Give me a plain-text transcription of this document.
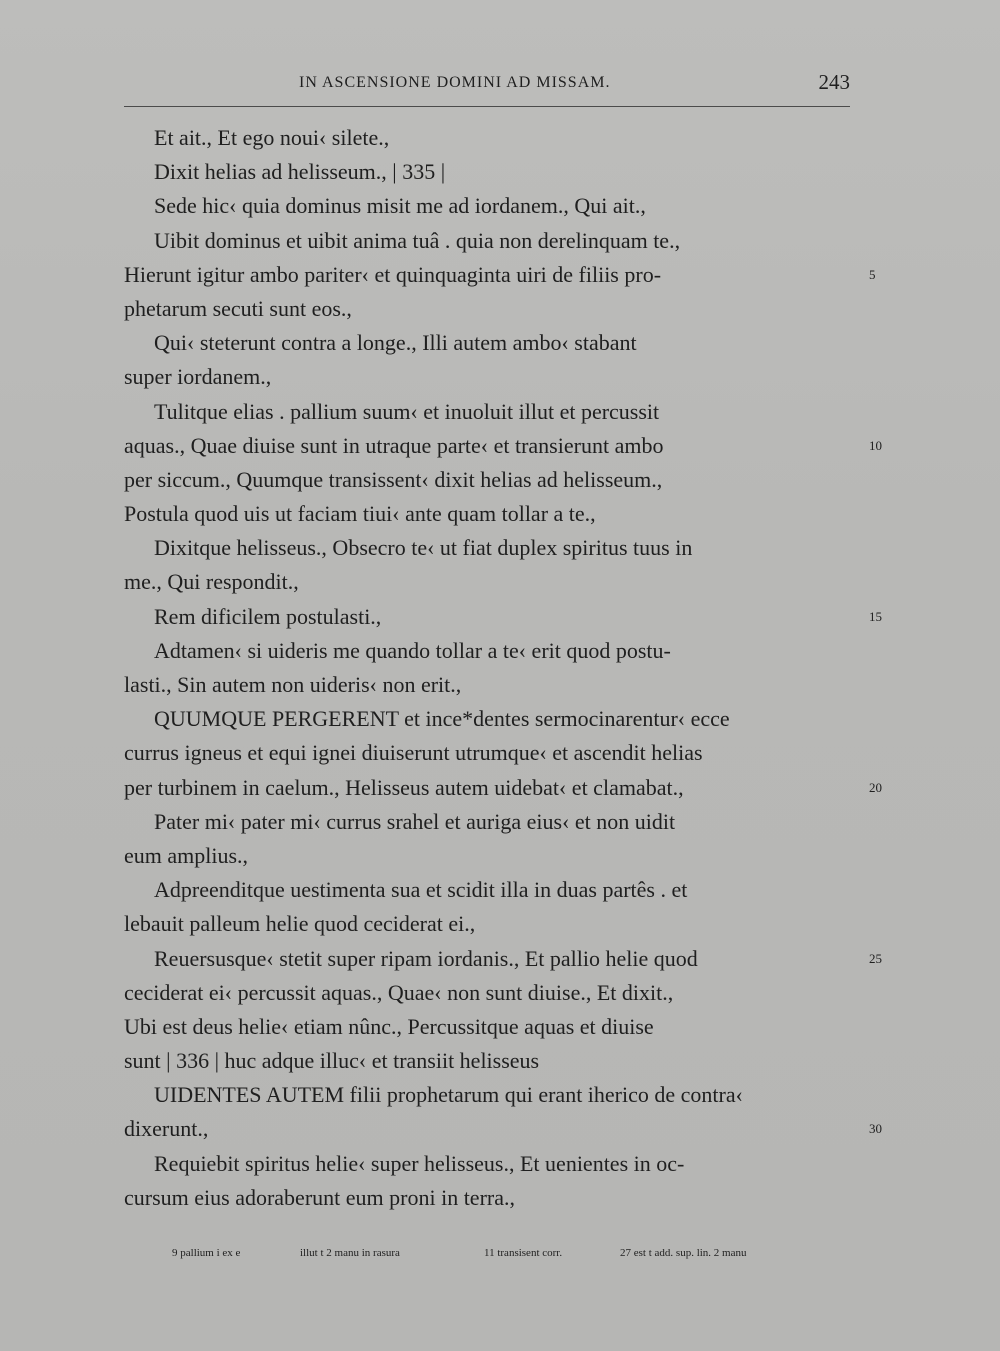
IN ASCENSIONE DOMINI AD MISSAM.	243
Et ait., Et ego noui‹ silete.,
Dixit helias ad helisseum., | 335 |
Sede hic‹ quia dominus misit me ad iordanem., Qui ait.,
Uibit dominus et uibit anima tuâ . quia non derelinquam te.,
Hierunt igitur ambo pariter‹ et quinquaginta uiri de filiis pro-	5
phetarum secuti sunt eos.,
Qui‹ steterunt contra a longe., Illi autem ambo‹ stabant
super iordanem.,
Tulitque elias . pallium suum‹ et inuoluit illut et percussit
aquas., Quae diuise sunt in utraque parte‹ et transierunt ambo	10
per siccum., Quumque transissent‹ dixit helias ad helisseum.,
Postula quod uis ut faciam tiui‹ ante quam tollar a te.,
Dixitque helisseus., Obsecro te‹ ut fiat duplex spiritus tuus in
me., Qui respondit.,
Rem dificilem postulasti.,	15
Adtamen‹ si uideris me quando tollar a te‹ erit quod postu-
lasti., Sin autem non uideris‹ non erit.,
QUUMQUE PERGERENT et ince*dentes sermocinarentur‹ ecce
currus igneus et equi ignei diuiserunt utrumque‹ et ascendit helias
per turbinem in caelum., Helisseus autem uidebat‹ et clamabat.,	20
Pater mi‹ pater mi‹ currus srahel et auriga eius‹ et non uidit
eum amplius.,
Adpreenditque uestimenta sua et scidit illa in duas partês . et
lebauit palleum helie quod ceciderat ei.,
Reuersusque‹ stetit super ripam iordanis., Et pallio helie quod	25
ceciderat ei‹ percussit aquas., Quae‹ non sunt diuise., Et dixit.,
Ubi est deus helie‹ etiam nûnc., Percussitque aquas et diuise
sunt | 336 | huc adque illuc‹ et transiit helisseus
UIDENTES AUTEM filii prophetarum qui erant iherico de contra‹
dixerunt.,	30
Requiebit spiritus helie‹ super helisseus., Et uenientes in oc-
cursum eius adoraberunt eum proni in terra.,
9 pallium i ex e	illut t 2 manu in rasura	11 transisent corr.	27 est t add. sup. lin. 2 manu
